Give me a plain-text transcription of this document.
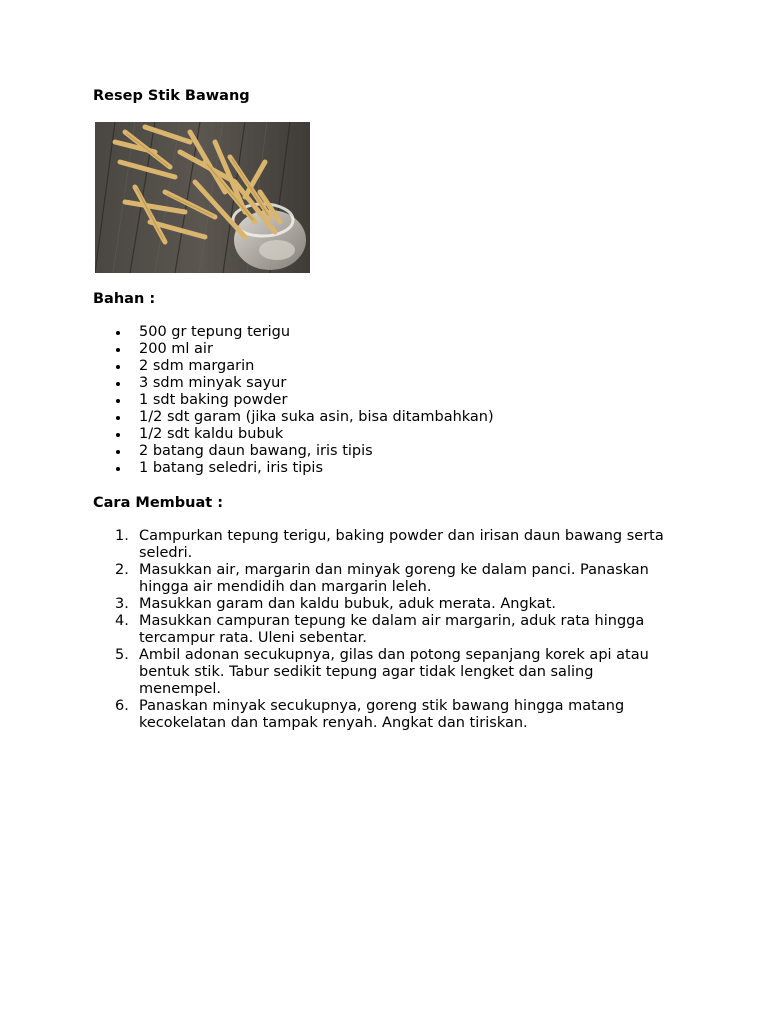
Resep Stik Bawang
Bahan :
500 gr tepung terigu
200 ml air
2 sdm margarin
3 sdm minyak sayur
1 sdt baking powder
1/2 sdt garam (jika suka asin, bisa ditambahkan)
1/2 sdt kaldu bubuk
2 batang daun bawang, iris tipis
1 batang seledri, iris tipis
Cara Membuat :
1. Campurkan tepung terigu, baking powder dan irisan daun bawang serta seledri.
2. Masukkan air, margarin dan minyak goreng ke dalam panci. Panaskan hingga air mendidih dan margarin leleh.
3. Masukkan garam dan kaldu bubuk, aduk merata. Angkat.
4. Masukkan campuran tepung ke dalam air margarin, aduk rata hingga tercampur rata. Uleni sebentar.
5. Ambil adonan secukupnya, gilas dan potong sepanjang korek api atau bentuk stik. Tabur sedikit tepung agar tidak lengket dan saling menempel.
6. Panaskan minyak secukupnya, goreng stik bawang hingga matang kecokelatan dan tampak renyah. Angkat dan tiriskan.
